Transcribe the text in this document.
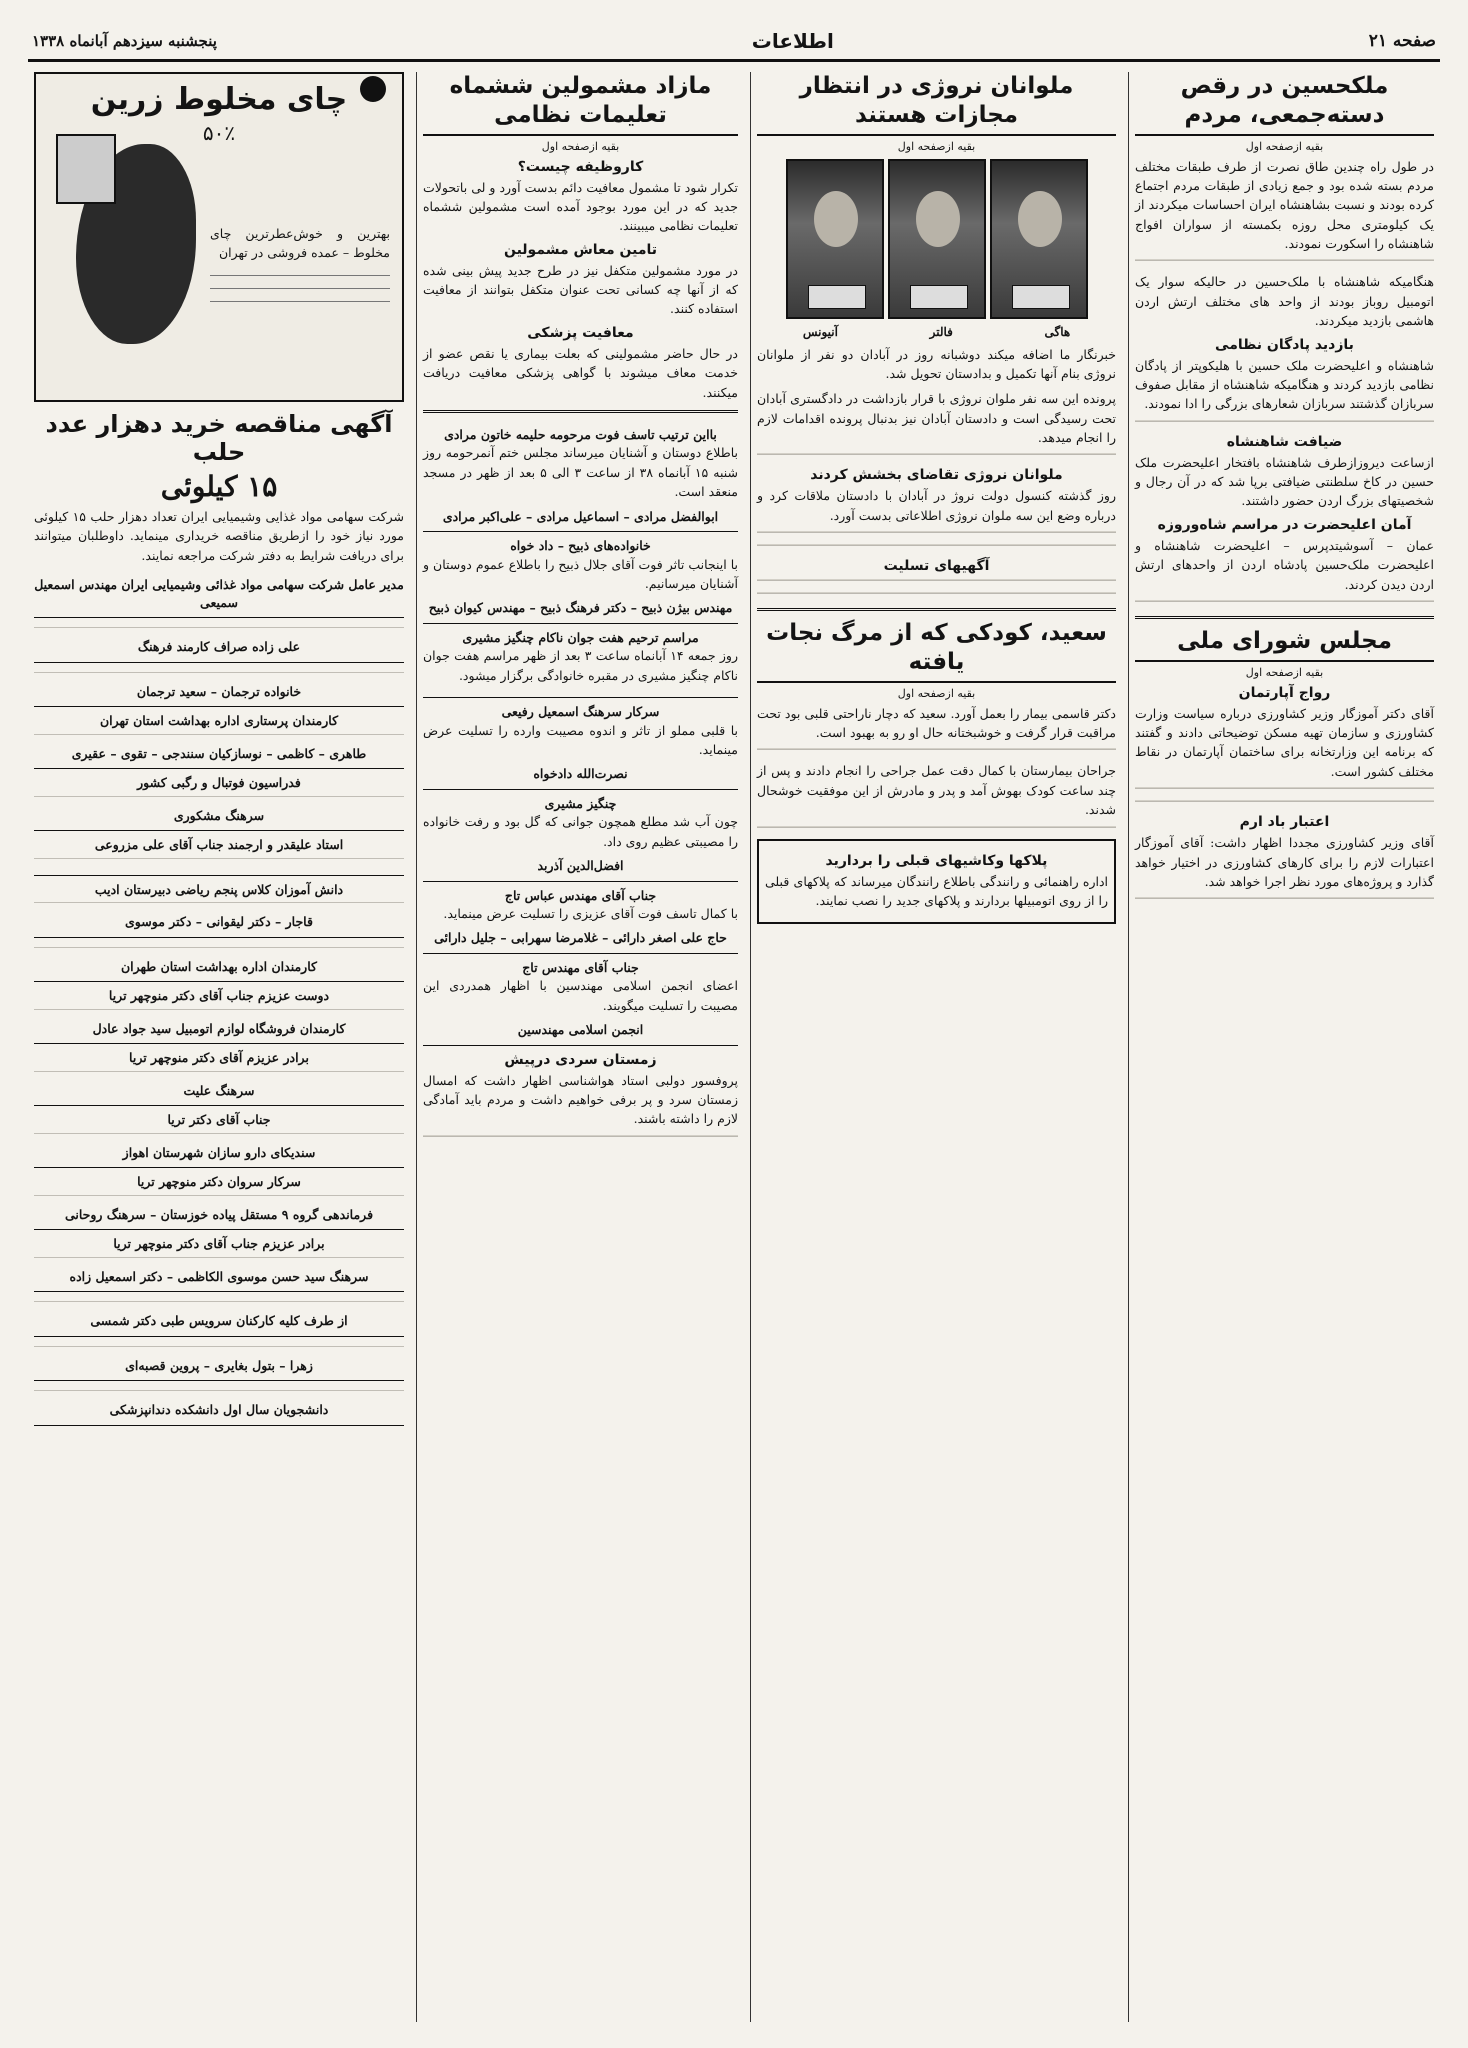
صفحه ۲۱
اطلاعات
پنجشنبه سیزدهم آبانماه ۱۳۳۸
ملکحسین در رقص دسته‌جمعی، مردم
بقیه ازصفحه اول

در طول راه چندین طاق نصرت از طرف طبقات مختلف مردم بسته شده بود و جمع زیادی از طبقات مردم اجتماع کرده بودند و نسبت بشاهنشاه ایران احساسات میکردند از یک کیلومتری محل روزه بکمسته از سواران افواج شاهنشاه را اسکورت نمودند.

هنگامیکه شاهنشاه با ملک‌حسین در حالیکه سوار یک اتومبیل روباز بودند از واحد های مختلف ارتش اردن هاشمی بازدید میکردند.

بازدید پادگان نظامی

شاهنشاه و اعلیحضرت ملک حسین با هلیکوپتر از پادگان نظامی بازدید کردند و هنگامیکه شاهنشاه از مقابل صفوف سربازان گذشتند سربازان شعارهای بزرگی را ادا نمودند.

ضیافت شاهنشاه

ازساعت دیروزازطرف شاهنشاه بافتخار اعلیحضرت ملک حسین در کاخ سلطنتی ضیافتی برپا شد که در آن رجال و شخصیتهای بزرگ اردن حضور داشتند.

آمان اعلیحضرت در مراسم شاه‌وروزه

عمان – آسوشیتدپرس – اعلیحضرت شاهنشاه و اعلیحضرت ملک‌حسین پادشاه اردن از واحدهای ارتش اردن دیدن کردند.

مجلس شورای ملی
بقیه ازصفحه اول
رواج آپارتمان

آقای دکتر آموزگار وزیر کشاورزی درباره سیاست وزارت کشاورزی و سازمان تهیه مسکن توضیحاتی دادند و گفتند که برنامه این وزارتخانه برای ساختمان آپارتمان در نقاط مختلف کشور است.

اعتبار باد ارم

آقای وزیر کشاورزی مجددا اظهار داشت: آقای آموزگار اعتبارات لازم را برای کارهای کشاورزی در اختیار خواهد گذارد و پروژه‌های مورد نظر اجرا خواهد شد.

ملوانان نروژی در انتظار مجازات هستند
بقیه ازصفحه اول
هاگی
فالتر
آنیونس

خبرنگار ما اضافه میکند دوشبانه روز در آبادان دو نفر از ملوانان نروژی بنام آنها تکمیل و بدادستان تحویل شد.

پرونده این سه نفر ملوان نروژی با قرار بازداشت در دادگستری آبادان تحت رسیدگی است و دادستان آبادان نیز بدنبال پرونده اقدامات لازم را انجام میدهد.

ملوانان نروژی تقاضای بخشش کردند

روز گذشته کنسول دولت نروژ در آبادان با دادستان ملاقات کرد و درباره وضع این سه ملوان نروژی اطلاعاتی بدست آورد.

آگهیهای تسلیت
سعید، کودکی که از مرگ نجات یافته
بقیه ازصفحه اول

دکتر قاسمی بیمار را بعمل آورد. سعید که دچار ناراحتی قلبی بود تحت مراقبت قرار گرفت و خوشبختانه حال او رو به بهبود است.

جراحان بیمارستان با کمال دقت عمل جراحی را انجام دادند و پس از چند ساعت کودک بهوش آمد و پدر و مادرش از این موفقیت خوشحال شدند.

پلاکها وکاشیهای قبلی را بردارید

اداره راهنمائی و رانندگی باطلاع رانندگان میرساند که پلاکهای قبلی را از روی اتومبیلها بردارند و پلاکهای جدید را نصب نمایند.

مازاد مشمولین ششماه تعلیمات نظامی
بقیه ازصفحه اول
کاروظیفه چیست؟

تکرار شود تا مشمول معافیت دائم بدست آورد و لی باتحولات جدید که در این مورد بوجود آمده است مشمولین ششماه تعلیمات نظامی میبینند.

تامین معاش مشمولین

در مورد مشمولین متکفل نیز در طرح جدید پیش بینی شده که از آنها چه کسانی تحت عنوان متکفل بتوانند از معافیت استفاده کنند.

معافیت پزشکی

در حال حاضر مشمولینی که بعلت بیماری یا نقص عضو از خدمت معاف میشوند با گواهی پزشکی معافیت دریافت میکنند.

بااین ترتیب تاسف فوت مرحومه حلیمه خاتون مرادی

باطلاع دوستان و آشنایان میرساند مجلس ختم آنمرحومه روز شنبه ۱۵ آبانماه ۳۸ از ساعت ۳ الی ۵ بعد از ظهر در مسجد منعقد است.

ابوالفضل مرادی – اسماعیل مرادی – علی‌اکبر مرادی
خانواده‌های ذبیح – داد خواه

با اینجانب تاثر فوت آقای جلال ذبیح را باطلاع عموم دوستان و آشنایان میرسانیم.

مهندس بیژن ذبیح – دکتر فرهنگ ذبیح – مهندس کیوان ذبیح
مراسم ترحیم هفت جوان ناکام چنگیز مشیری

روز جمعه ۱۴ آبانماه ساعت ۳ بعد از ظهر مراسم هفت جوان ناکام چنگیز مشیری در مقبره خانوادگی برگزار میشود.

سرکار سرهنگ اسمعیل رفیعی

با قلبی مملو از تاثر و اندوه مصیبت وارده را تسلیت عرض مینماید.

نصرت‌الله دادخواه
چنگیز مشیری

چون آب شد مطلع همچون جوانی که گل بود و رفت خانواده را مصیبتی عظیم روی داد.

افضل‌الدین آذربد
جناب آقای مهندس عباس تاج

با کمال تاسف فوت آقای عزیزی را تسلیت عرض مینماید.

حاج علی اصغر دارائی – غلامرضا سهرابی – جلیل دارائی
جناب آقای مهندس تاج

اعضای انجمن اسلامی مهندسین با اظهار همدردی این مصیبت را تسلیت میگویند.

انجمن اسلامی مهندسین
زمستان سردی درپیش

پروفسور دولبی استاد هواشناسی اظهار داشت که امسال زمستان سرد و پر برفی خواهیم داشت و مردم باید آمادگی لازم را داشته باشند.

چای مخلوط زرین
۵۰٪

بهترین و خوش‌عطرترین چای مخلوط – عمده فروشی در تهران

آگهی مناقصه خرید دهزار عدد حلب
۱۵ کیلوئی

شرکت سهامی مواد غذایی وشیمیایی ایران تعداد دهزار حلب ۱۵ کیلوئی مورد نیاز خود را ازطریق مناقصه خریداری مینماید. داوطلبان میتوانند برای دریافت شرایط به دفتر شرکت مراجعه نمایند.

مدیر عامل شرکت سهامی مواد غذائی وشیمیایی ایران مهندس اسمعیل سمیعی
علی زاده صراف کارمند فرهنگ
خانواده ترجمان – سعید ترجمان
کارمندان پرستاری اداره بهداشت استان تهران
طاهری – کاظمی – نوسازکیان سنندجی – تقوی – عقیری
فدراسیون فوتبال و رگبی کشور
سرهنگ مشکوری
استاد علیقدر و ارجمند جناب آقای علی مزروعی
دانش آموزان کلاس پنجم ریاضی دبیرستان ادیب
قاجار – دکتر لیقوانی – دکتر موسوی
کارمندان اداره بهداشت استان طهران
دوست عزیزم جناب آقای دکتر منوچهر تریا
کارمندان فروشگاه لوازم اتومبیل سید جواد عادل
برادر عزیزم آقای دکتر منوچهر تریا
سرهنگ علیت
جناب آقای دکتر تریا
سندیکای دارو سازان شهرستان اهواز
سرکار سروان دکتر منوچهر تریا
فرماندهی گروه ۹ مستقل پیاده خوزستان – سرهنگ روحانی
برادر عزیزم جناب آقای دکتر منوچهر تریا
سرهنگ سید حسن موسوی الکاظمی – دکتر اسمعیل زاده
از طرف کلیه کارکنان سرویس طبی دکتر شمسی
زهرا – بتول بغایری – پروین قصبه‌ای
دانشجویان سال اول دانشکده دندانپزشکی
